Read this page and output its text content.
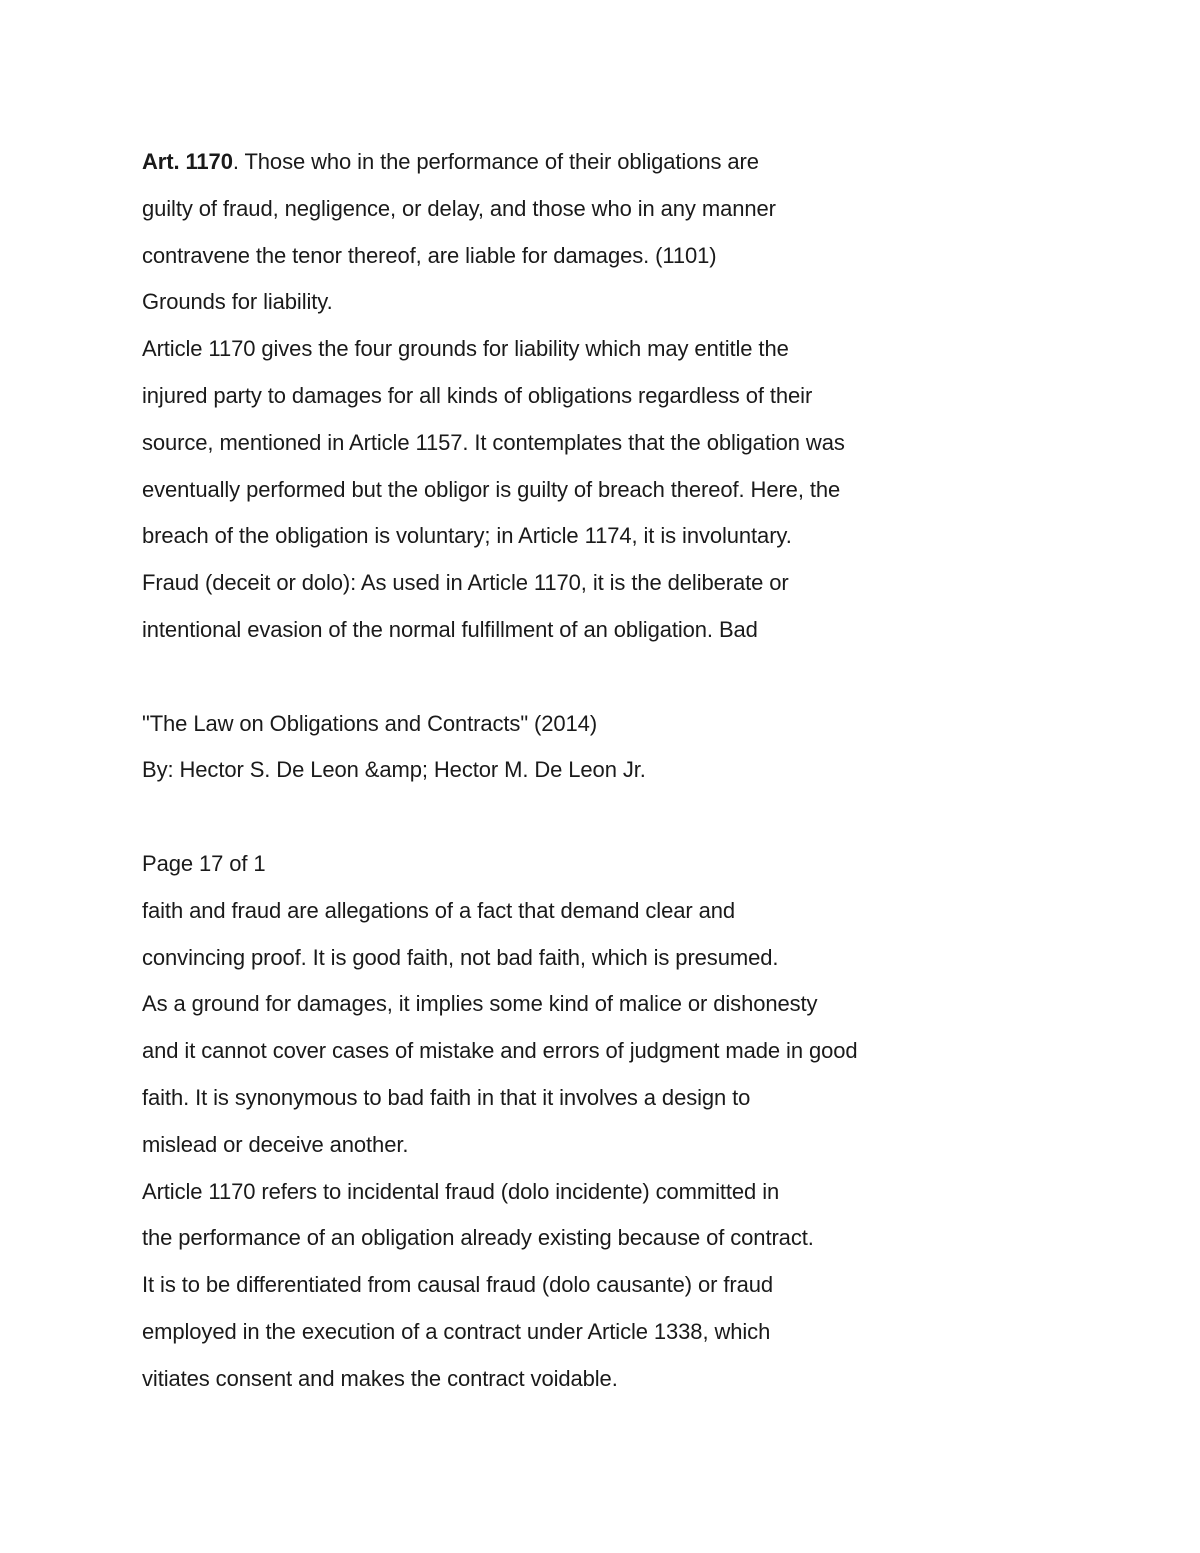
Art. 1170. Those who in the performance of their obligations are
guilty of fraud, negligence, or delay, and those who in any manner
contravene the tenor thereof, are liable for damages. (1101)
Grounds for liability.
Article 1170 gives the four grounds for liability which may entitle the
injured party to damages for all kinds of obligations regardless of their
source, mentioned in Article 1157. It contemplates that the obligation was
eventually performed but the obligor is guilty of breach thereof. Here, the
breach of the obligation is voluntary; in Article 1174, it is involuntary.
Fraud (deceit or dolo): As used in Article 1170, it is the deliberate or
intentional evasion of the normal fulfillment of an obligation. Bad
"The Law on Obligations and Contracts" (2014)
By: Hector S. De Leon &amp; Hector M. De Leon Jr.
Page 17 of 1
faith and fraud are allegations of a fact that demand clear and
convincing proof. It is good faith, not bad faith, which is presumed.
As a ground for damages, it implies some kind of malice or dishonesty
and it cannot cover cases of mistake and errors of judgment made in good
faith. It is synonymous to bad faith in that it involves a design to
mislead or deceive another.
Article 1170 refers to incidental fraud (dolo incidente) committed in
the performance of an obligation already existing because of contract.
It is to be differentiated from causal fraud (dolo causante) or fraud
employed in the execution of a contract under Article 1338, which
vitiates consent and makes the contract voidable.
